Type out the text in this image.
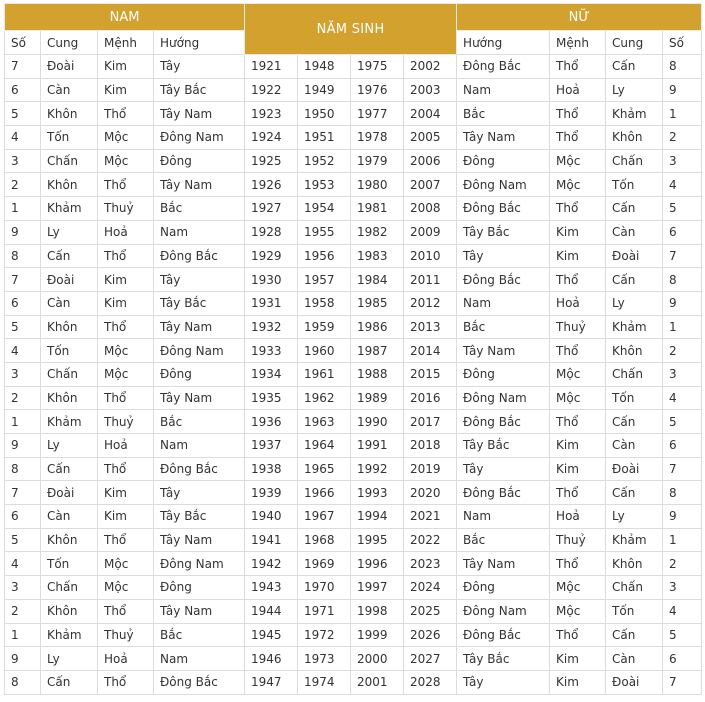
NAM				NĂM SINH				NỮ			
Số	Cung	Mệnh	Hướng					Hướng	Mệnh	Cung	Số
7	Đoài	Kim	Tây	1921	1948	1975	2002	Đông Bắc	Thổ	Cấn	8
6	Càn	Kim	Tây Bắc	1922	1949	1976	2003	Nam	Hoả	Ly	9
5	Khôn	Thổ	Tây Nam	1923	1950	1977	2004	Bắc	Thổ	Khảm	1
4	Tốn	Mộc	Đông Nam	1924	1951	1978	2005	Tây Nam	Thổ	Khôn	2
3	Chấn	Mộc	Đông	1925	1952	1979	2006	Đông	Mộc	Chấn	3
2	Khôn	Thổ	Tây Nam	1926	1953	1980	2007	Đông Nam	Mộc	Tốn	4
1	Khảm	Thuỷ	Bắc	1927	1954	1981	2008	Đông Bắc	Thổ	Cấn	5
9	Ly	Hoả	Nam	1928	1955	1982	2009	Tây Bắc	Kim	Càn	6
8	Cấn	Thổ	Đông Bắc	1929	1956	1983	2010	Tây	Kim	Đoài	7
7	Đoài	Kim	Tây	1930	1957	1984	2011	Đông Bắc	Thổ	Cấn	8
6	Càn	Kim	Tây Bắc	1931	1958	1985	2012	Nam	Hoả	Ly	9
5	Khôn	Thổ	Tây Nam	1932	1959	1986	2013	Bắc	Thuỷ	Khảm	1
4	Tốn	Mộc	Đông Nam	1933	1960	1987	2014	Tây Nam	Thổ	Khôn	2
3	Chấn	Mộc	Đông	1934	1961	1988	2015	Đông	Mộc	Chấn	3
2	Khôn	Thổ	Tây Nam	1935	1962	1989	2016	Đông Nam	Mộc	Tốn	4
1	Khảm	Thuỷ	Bắc	1936	1963	1990	2017	Đông Bắc	Thổ	Cấn	5
9	Ly	Hoả	Nam	1937	1964	1991	2018	Tây Bắc	Kim	Càn	6
8	Cấn	Thổ	Đông Bắc	1938	1965	1992	2019	Tây	Kim	Đoài	7
7	Đoài	Kim	Tây	1939	1966	1993	2020	Đông Bắc	Thổ	Cấn	8
6	Càn	Kim	Tây Bắc	1940	1967	1994	2021	Nam	Hoả	Ly	9
5	Khôn	Thổ	Tây Nam	1941	1968	1995	2022	Bắc	Thuỷ	Khảm	1
4	Tốn	Mộc	Đông Nam	1942	1969	1996	2023	Tây Nam	Thổ	Khôn	2
3	Chấn	Mộc	Đông	1943	1970	1997	2024	Đông	Mộc	Chấn	3
2	Khôn	Thổ	Tây Nam	1944	1971	1998	2025	Đông Nam	Mộc	Tốn	4
1	Khảm	Thuỷ	Bắc	1945	1972	1999	2026	Đông Bắc	Thổ	Cấn	5
9	Ly	Hoả	Nam	1946	1973	2000	2027	Tây Bắc	Kim	Càn	6
8	Cấn	Thổ	Đông Bắc	1947	1974	2001	2028	Tây	Kim	Đoài	7
